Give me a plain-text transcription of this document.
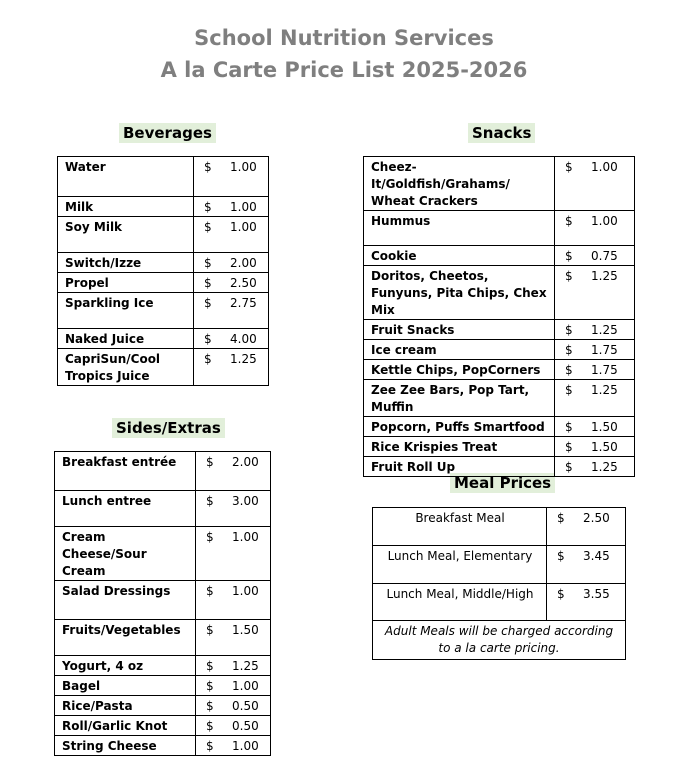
School Nutrition Services
A la Carte Price List 2025-2026
Beverages	Snacks
Sides/Extras
Meal Prices
Water	$ 1.00
Milk	$ 1.00
Soy Milk	$ 1.00
Switch/Izze	$ 2.00
Propel	$ 2.50
Sparkling Ice	$ 2.75
Naked Juice	$ 4.00
CapriSun/Cool Tropics Juice	$ 1.25
Breakfast entrée	$ 2.00
Lunch entree	$ 3.00
Cream Cheese/Sour Cream	$ 1.00
Salad Dressings	$ 1.00
Fruits/Vegetables	$ 1.50
Yogurt, 4 oz	$ 1.25
Bagel	$ 1.00
Rice/Pasta	$ 0.50
Roll/Garlic Knot	$ 0.50
String Cheese	$ 1.00
Cheez-It/Goldfish/Grahams/ Wheat Crackers	$ 1.00
Hummus	$ 1.00
Cookie	$ 0.75
Doritos, Cheetos, Funyuns, Pita Chips, Chex Mix	$ 1.25
Fruit Snacks	$ 1.25
Ice cream	$ 1.75
Kettle Chips, PopCorners	$ 1.75
Zee Zee Bars, Pop Tart, Muffin	$ 1.25
Popcorn, Puffs Smartfood	$ 1.50
Rice Krispies Treat	$ 1.50
Fruit Roll Up	$ 1.25
Breakfast Meal	$ 2.50
Lunch Meal, Elementary	$ 3.45
Lunch Meal, Middle/High	$ 3.55
Adult Meals will be charged according to a la carte pricing.	
